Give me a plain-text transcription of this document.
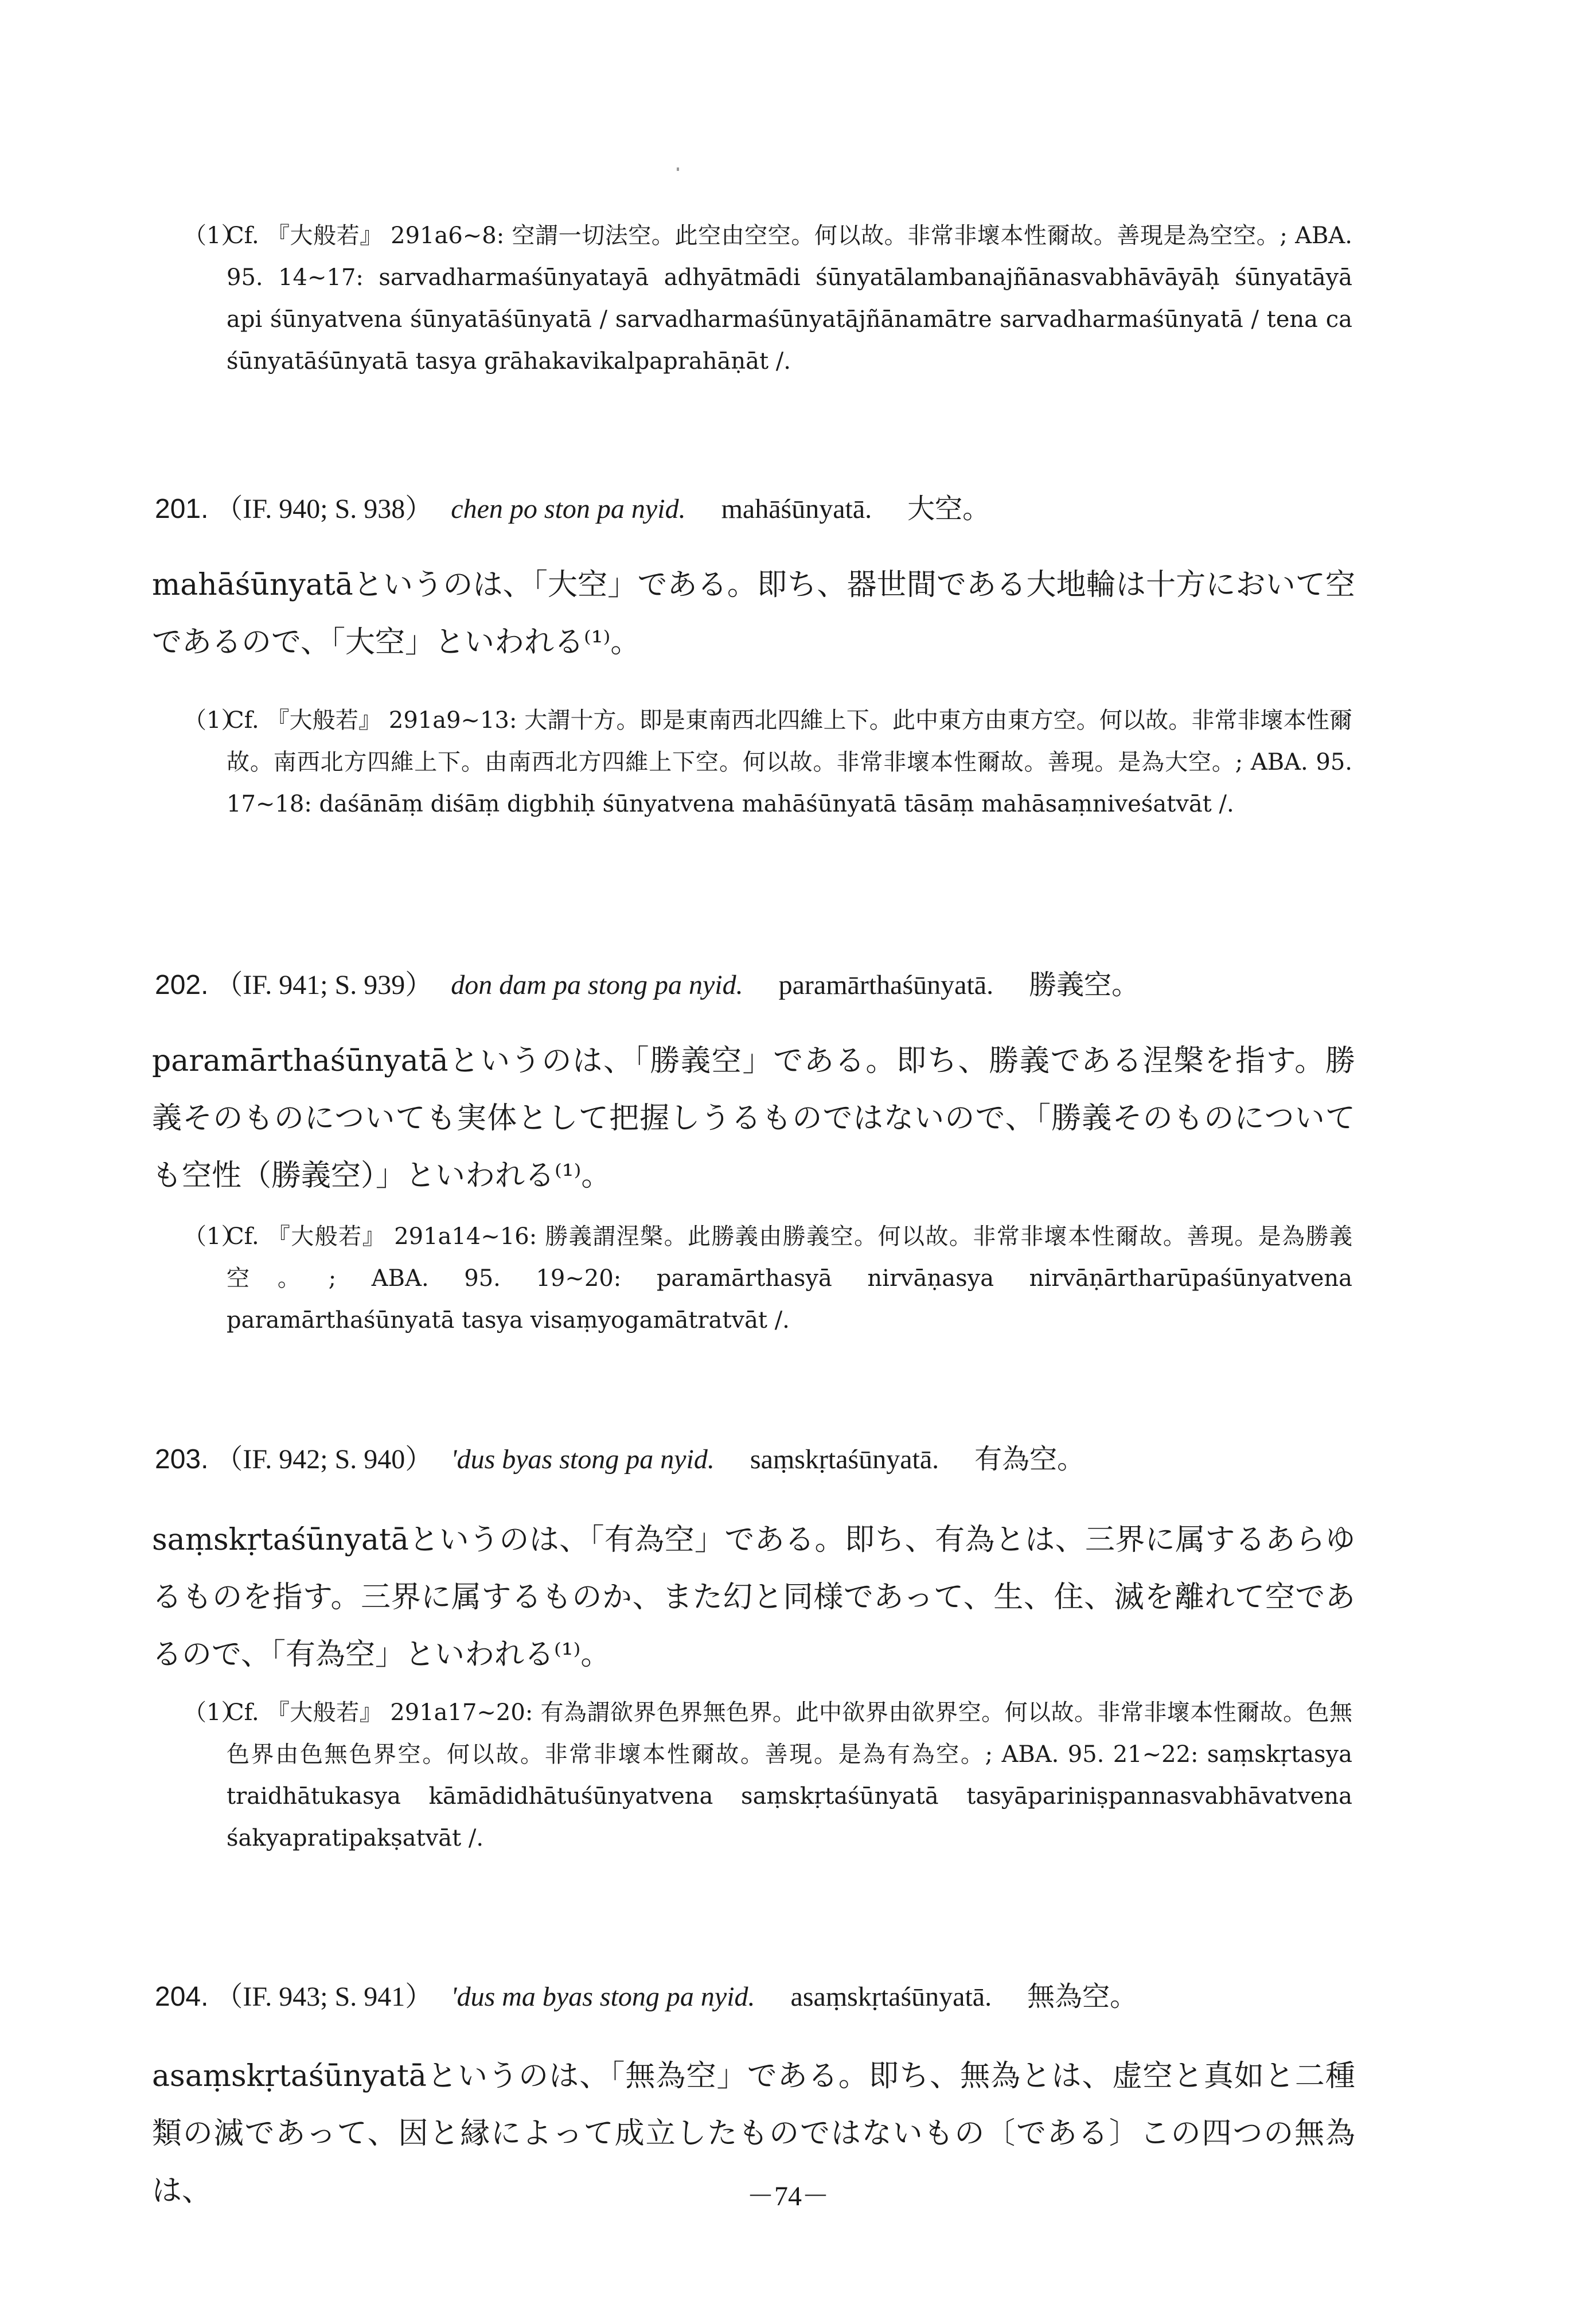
（1）
Cf. 『大般若』 291a6~8: 空謂一切法空。此空由空空。何以故。非常非壞本性爾故。善現是為空空。; ABA. 95. 14~17: sarvadharmaśūnyatayā adhyātmādi śūnyatālambanajñānasvabhāvāyāḥ śūnyatāyā api śūnyatvena śūnyatāśūnyatā / sarvadharmaśūnyatājñānamātre sarvadharmaśūnyatā / tena ca śūnyatāśūnyatā tasya grāhakavikalpaprahāṇāt /.
201. （IF. 940; S. 938） chen po ston pa nyid. mahāśūnyatā. 大空。
mahāśūnyatāというのは、「大空」である。即ち、器世間である大地輪は十方において空であるので、「大空」といわれる⁽¹⁾。
（1）
Cf. 『大般若』 291a9~13: 大謂十方。即是東南西北四維上下。此中東方由東方空。何以故。非常非壞本性爾故。南西北方四維上下。由南西北方四維上下空。何以故。非常非壞本性爾故。善現。是為大空。; ABA. 95. 17~18: daśānāṃ diśāṃ digbhiḥ śūnyatvena mahāśūnyatā tāsāṃ mahāsaṃniveśatvāt /.
202. （IF. 941; S. 939） don dam pa stong pa nyid. paramārthaśūnyatā. 勝義空。
paramārthaśūnyatāというのは、「勝義空」である。即ち、勝義である涅槃を指す。勝義そのものについても実体として把握しうるものではないので、「勝義そのものについても空性（勝義空）」といわれる⁽¹⁾。
（1）
Cf. 『大般若』 291a14~16: 勝義謂涅槃。此勝義由勝義空。何以故。非常非壞本性爾故。善現。是為勝義空。; ABA. 95. 19~20: paramārthasyā nirvāṇasya nirvāṇārtharūpaśūnyatvena paramārthaśūnyatā tasya visaṃyogamātratvāt /.
203. （IF. 942; S. 940） 'dus byas stong pa nyid. saṃskṛtaśūnyatā. 有為空。
saṃskṛtaśūnyatāというのは、「有為空」である。即ち、有為とは、三界に属するあらゆるものを指す。三界に属するものか、また幻と同様であって、生、住、滅を離れて空であるので、「有為空」といわれる⁽¹⁾。
（1）
Cf. 『大般若』 291a17~20: 有為謂欲界色界無色界。此中欲界由欲界空。何以故。非常非壞本性爾故。色無色界由色無色界空。何以故。非常非壞本性爾故。善現。是為有為空。; ABA. 95. 21~22: saṃskṛtasya traidhātukasya kāmādidhātuśūnyatvena saṃskṛtaśūnyatā tasyāpariniṣpannasvabhāvatvena śakyapratipakṣatvāt /.
204. （IF. 943; S. 941） 'dus ma byas stong pa nyid. asaṃskṛtaśūnyatā. 無為空。
asaṃskṛtaśūnyatāというのは、「無為空」である。即ち、無為とは、虚空と真如と二種類の滅であって、因と縁によって成立したものではないもの〔である〕この四つの無為は、	－74－
